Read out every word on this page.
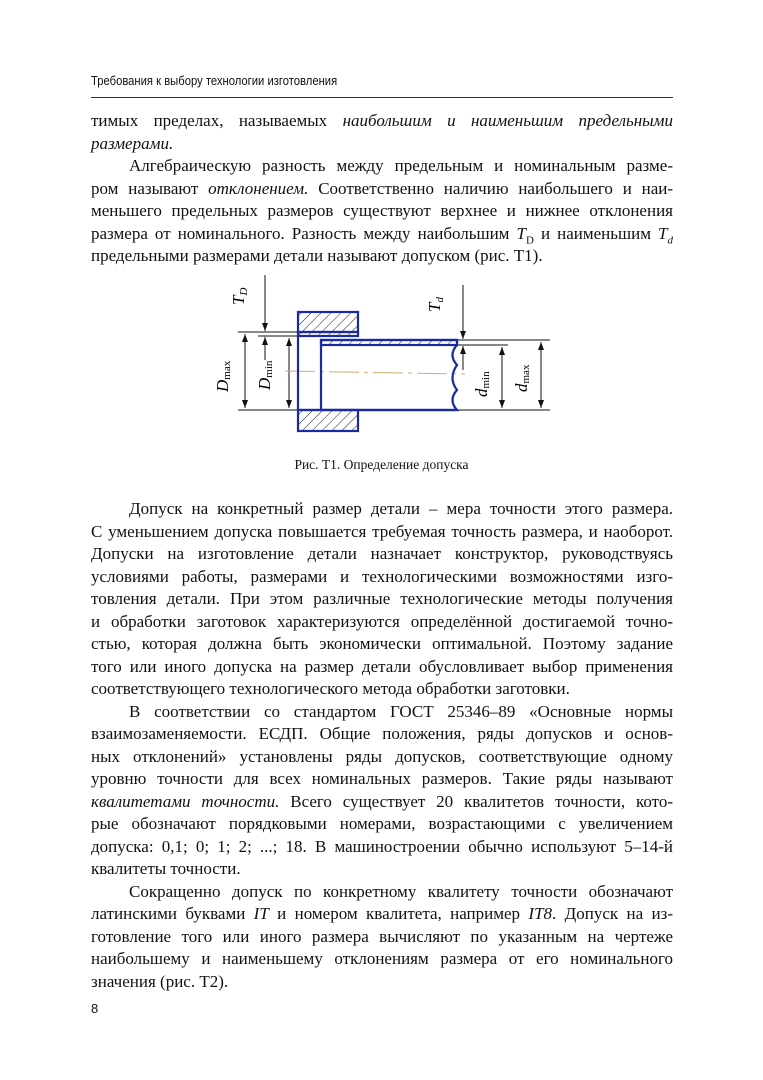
Требования к выбору технологии изготовления
тимых пределах, называемых наибольшим и наименьшим предельными
размерами.
Алгебраическую разность между предельным и номинальным разме-
ром называют отклонением. Соответственно наличию наибольшего и наи-
меньшего предельных размеров существуют верхнее и нижнее отклонения
размера от номинального. Разность между наибольшим $T_D$ и наименьшим $T_d$
предельными размерами детали называют допуском (рис. Т1).
TD
Td
Dmax
Dmin
dmin dmax
Рис. Т1. Определение допуска
Допуск на конкретный размер детали – мера точности этого размера.
С уменьшением допуска повышается требуемая точность размера, и наоборот.
Допуски на изготовление детали назначает конструктор, руководствуясь
условиями работы, размерами и технологическими возможностями изго-
товления детали. При этом различные технологические методы получения
и обработки заготовок характеризуются определённой достигаемой точно-
стью, которая должна быть экономически оптимальной. Поэтому задание
того или иного допуска на размер детали обусловливает выбор применения
соответствующего технологического метода обработки заготовки.
В соответствии со стандартом ГОСТ 25346–89 «Основные нормы
взаимозаменяемости. ЕСДП. Общие положения, ряды допусков и основ-
ных отклонений» установлены ряды допусков, соответствующие одному
уровню точности для всех номинальных размеров. Такие ряды называют
квалитетами точности. Всего существует 20 квалитетов точности, кото-
рые обозначают порядковыми номерами, возрастающими с увеличением
допуска: 0,1; 0; 1; 2; ...; 18. В машиностроении обычно используют 5–14-й
квалитеты точности.
Сокращенно допуск по конкретному квалитету точности обозначают
латинскими буквами IT и номером квалитета, например IT8. Допуск на из-
готовление того или иного размера вычисляют по указанным на чертеже
наибольшему и наименьшему отклонениям размера от его номинального
значения (рис. Т2).
8
